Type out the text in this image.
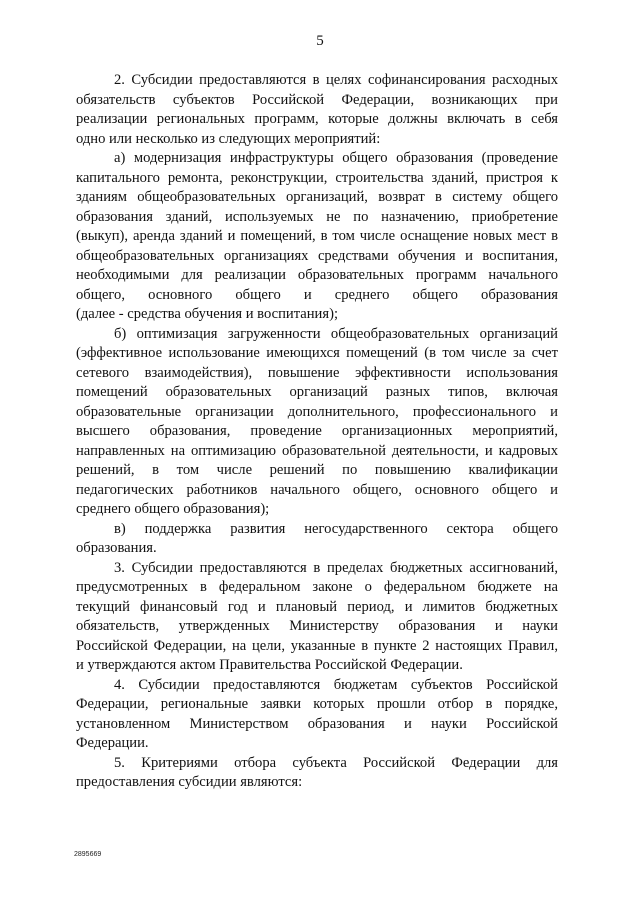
5
2. Субсидии предоставляются в целях софинансирования расходных
обязательств субъектов Российской Федерации, возникающих при
реализации региональных программ, которые должны включать в себя
одно или несколько из следующих мероприятий:
а) модернизация инфраструктуры общего образования (проведение
капитального ремонта, реконструкции, строительства зданий, пристроя к
зданиям общеобразовательных организаций, возврат в систему общего
образования зданий, используемых не по назначению, приобретение
(выкуп), аренда зданий и помещений, в том числе оснащение новых мест в
общеобразовательных организациях средствами обучения и воспитания,
необходимыми для реализации образовательных программ начального
общего, основного общего и среднего общего образования
(далее - средства обучения и воспитания);
б) оптимизация загруженности общеобразовательных организаций
(эффективное использование имеющихся помещений (в том числе за счет
сетевого взаимодействия), повышение эффективности использования
помещений образовательных организаций разных типов, включая
образовательные организации дополнительного, профессионального и
высшего образования, проведение организационных мероприятий,
направленных на оптимизацию образовательной деятельности, и кадровых
решений, в том числе решений по повышению квалификации
педагогических работников начального общего, основного общего и
среднего общего образования);
в) поддержка развития негосударственного сектора общего
образования.
3. Субсидии предоставляются в пределах бюджетных ассигнований,
предусмотренных в федеральном законе о федеральном бюджете на
текущий финансовый год и плановый период, и лимитов бюджетных
обязательств, утвержденных Министерству образования и науки
Российской Федерации, на цели, указанные в пункте 2 настоящих Правил,
и утверждаются актом Правительства Российской Федерации.
4. Субсидии предоставляются бюджетам субъектов Российской
Федерации, региональные заявки которых прошли отбор в порядке,
установленном Министерством образования и науки Российской
Федерации.
5. Критериями отбора субъекта Российской Федерации для
предоставления субсидии являются:
2895669
